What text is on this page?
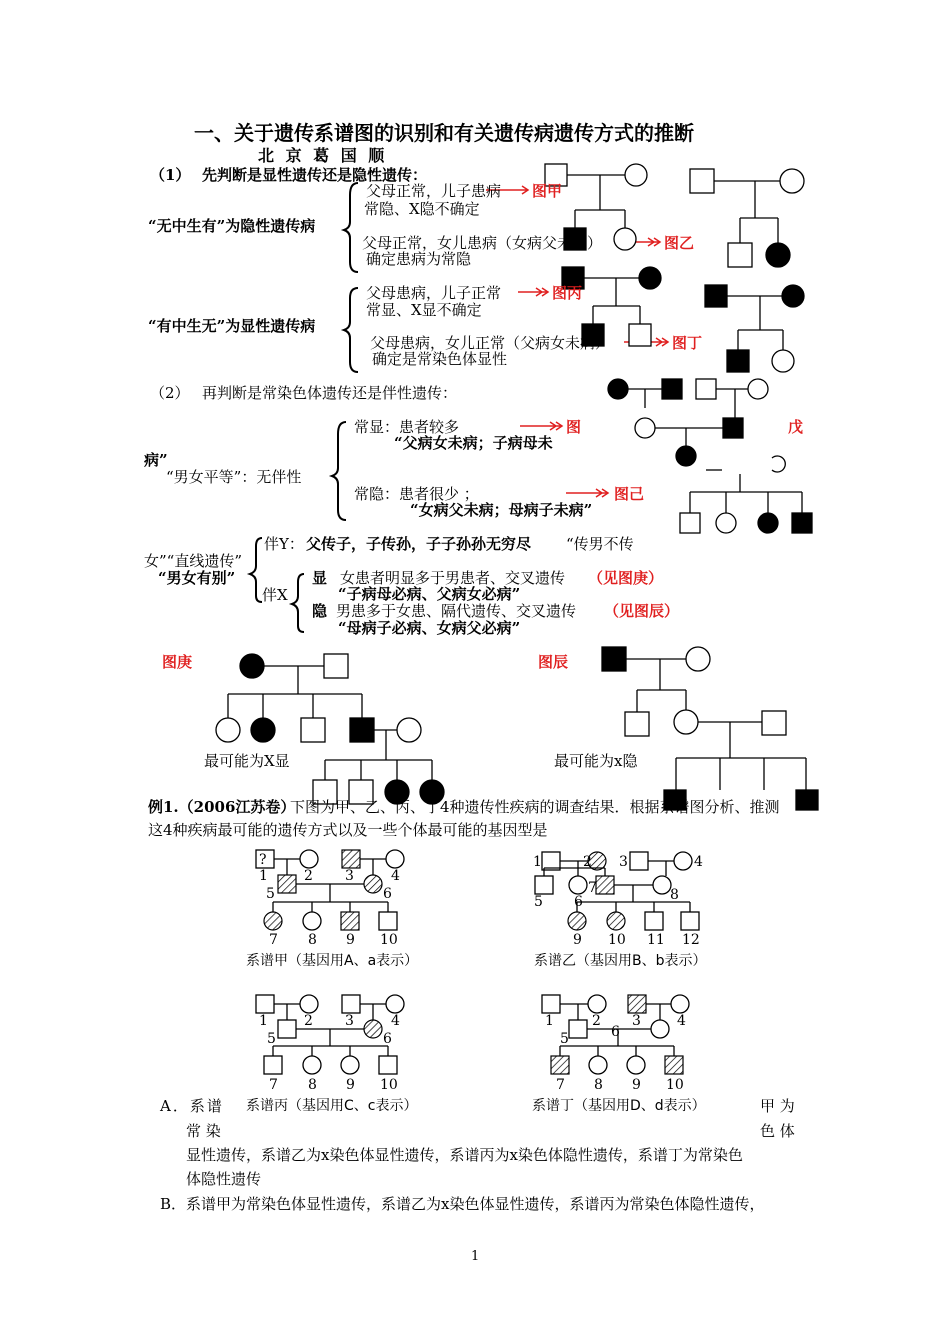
?
1	2 3	4
5	6
7 8 9 10
1	2 3	4
5 6
7	8
9 10 11 12
1	2 3	4
5	6
7 8 9 10
1	2 3	4
5	6
7 8 9 10
一、关于遗传系谱图的识别和有关遗传病遗传方式的推断
北 京 葛 国 顺
（1） 先判断是显性遗传还是隐性遗传：
父母正常，儿子患病 图甲
常隐、X隐不确定
“无中生有”为隐性遗传病
父母正常，女儿患病（女病父未病）	图乙
确定患病为常隐
父母患病，儿子正常	图丙
常显、X显不确定
“有中生无”为显性遗传病
父母患病，女儿正常（父病女未病）	图丁
确定是常染色体显性
（2） 再判断是常染色体遗传还是伴性遗传：
常显：患者较多	图	戊
“父病女未病；子病母未
病”
“男女平等”：无伴性
常隐：患者很少 ；	图己
“女病父未病；母病子未病”
伴Y： 父传子，子传孙，子子孙孙无穷尽 “传男不传
女”“直线遗传”
“男女有别”	显 女患者明显多于男患者、交叉遗传 （见图庚）
伴X	“子病母必病、父病女必病”
隐 男患多于女患、隔代遗传、交叉遗传 （见图辰）
“母病子必病、女病父必病”
图庚
最可能为X显
图辰
最可能为x隐
例1.（2006江苏卷）
下图为甲、乙、丙、丁4种遗传性疾病的调查结果．根据系谱图分析、推测
这4种疾病最可能的遗传方式以及一些个体最可能的基因型是
系谱甲（基因用A、a表示）	系谱乙（基因用B、b表示）
系谱丙（基因用C、c表示）	系谱丁（基因用D、d表示）
A．系谱	甲 为
常 染	色 体
显性遗传，系谱乙为x染色体显性遗传，系谱丙为x染色体隐性遗传，系谱丁为常染色
体隐性遗传
B．系谱甲为常染色体显性遗传，系谱乙为x染色体显性遗传，系谱丙为常染色体隐性遗传，
1
